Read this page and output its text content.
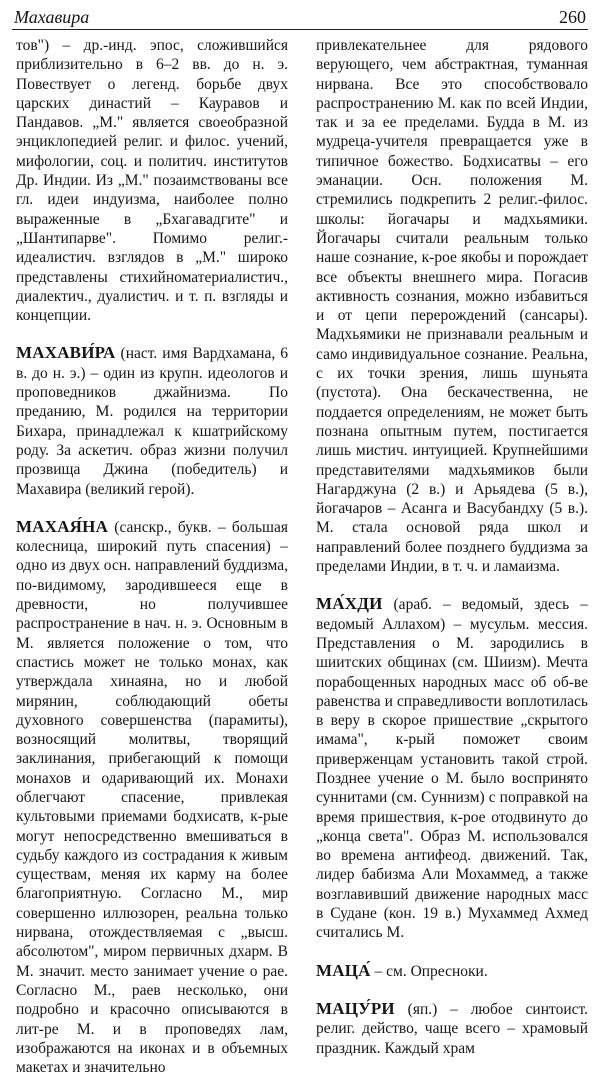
Махавира	260

тов") – др.-инд. эпос, сложившийся приблизительно в 6–2 вв. до н. э. Повествует о легенд. борьбе двух царских династий – Кауравов и Пандавов. „М." является своеобразной энциклопедией религ. и филос. учений, мифологии, соц. и политич. институтов Др. Индии. Из „М." позаимствованы все гл. идеи индуизма, наиболее полно выраженные в „Бхагавадгите" и „Шантипарве". Помимо религ.-идеалистич. взглядов в „М." широко представлены стихийноматериалистич., диалектич., дуалистич. и т. п. взгляды и концепции.

МАХАВИ́РА (наст. имя Вардхамана, 6 в. до н. э.) – один из крупн. идеологов и проповедников джайнизма. По преданию, М. родился на территории Бихара, принадлежал к кшатрийскому роду. За аскетич. образ жизни получил прозвища Джина (победитель) и Махавира (великий герой).

МАХАЯ́НА (санскр., букв. – большая колесница, широкий путь спасения) – одно из двух осн. направлений буддизма, по-видимому, зародившееся еще в древности, но получившее распространение в нач. н. э. Основным в М. является положение о том, что спастись может не только монах, как утверждала хинаяна, но и любой мирянин, соблюдающий обеты духовного совершенства (парамиты), возносящий молитвы, творящий заклинания, прибегающий к помощи монахов и одаривающий их. Монахи облегчают спасение, привлекая культовыми приемами бодхисатв, к-рые могут непосредственно вмешиваться в судьбу каждого из сострадания к живым существам, меняя их карму на более благоприятную. Согласно М., мир совершенно иллюзорен, реальна только нирвана, отождествляемая с „высш. абсолютом", миром первичных дхарм. В М. значит. место занимает учение о рае. Согласно М., раев несколько, они подробно и красочно описываются в лит-ре М. и в проповедях лам, изображаются на иконах и в объемных макетах и значительно

привлекательнее для рядового верующего, чем абстрактная, туманная нирвана. Все это способствовало распространению М. как по всей Индии, так и за ее пределами. Будда в М. из мудреца-учителя превращается уже в типичное божество. Бодхисатвы – его эманации. Осн. положения М. стремились подкрепить 2 религ.-филос. школы: йогачары и мадхьямики. Йогачары считали реальным только наше сознание, к-рое якобы и порождает все объекты внешнего мира. Погасив активность сознания, можно избавиться и от цепи перерождений (сансары). Мадхьямики не признавали реальным и само индивидуальное сознание. Реальна, с их точки зрения, лишь шуньята (пустота). Она бескачественна, не поддается определениям, не может быть познана опытным путем, постигается лишь мистич. интуицией. Крупнейшими представителями мадхьямиков были Нагарджуна (2 в.) и Арьядева (5 в.), йогачаров – Асанга и Васубандху (5 в.). М. стала основой ряда школ и направлений более позднего буддизма за пределами Индии, в т. ч. и ламаизма.

МА́ХДИ (араб. – ведомый, здесь – ведомый Аллахом) – мусульм. мессия. Представления о М. зародились в шиитских общинах (см. Шиизм). Мечта порабощенных народных масс об об-ве равенства и справедливости воплотилась в веру в скорое пришествие „скрытого имама", к-рый поможет своим приверженцам установить такой строй. Позднее учение о М. было воспринято суннитами (см. Суннизм) с поправкой на время пришествия, к-рое отодвинуто до „конца света". Образ М. использовался во времена антифеод. движений. Так, лидер бабизма Али Мохаммед, а также возглавивший движение народных масс в Судане (кон. 19 в.) Мухаммед Ахмед считались М.

МАЦА́ – см. Опресноки.

МАЦУ́РИ (яп.) – любое синтоист. религ. действо, чаще всего – храмовый праздник. Каждый храм
